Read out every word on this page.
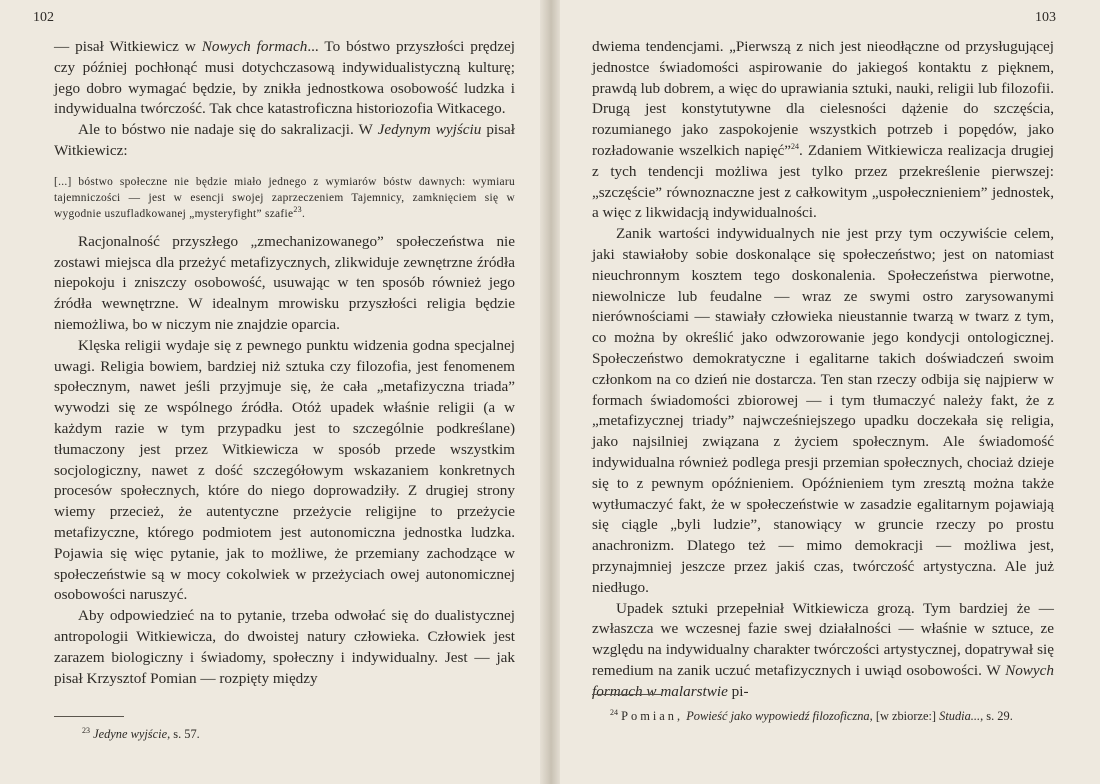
102

— pisał Witkiewicz w Nowych formach... To bóstwo przyszłości prędzej czy później pochłonąć musi dotychczasową indywidualistyczną kulturę; jego dobro wymagać będzie, by znikła jednostkowa osobowość ludzka i indywidualna twórczość. Tak chce katastroficzna historiozofia Witkacego.

Ale to bóstwo nie nadaje się do sakralizacji. W Jedynym wyjściu pisał Witkiewicz:

[...] bóstwo społeczne nie będzie miało jednego z wymiarów bóstw dawnych: wymiaru tajemniczości — jest w esencji swojej zaprzeczeniem Tajemnicy, zamknięciem się w wygodnie uszufladkowanej „mysteryfight” szafie$^{23}$.

Racjonalność przyszłego „zmechanizowanego” społeczeństwa nie zostawi miejsca dla przeżyć metafizycznych, zlikwiduje zewnętrzne źródła niepokoju i zniszczy osobowość, usuwając w ten sposób również jego źródła wewnętrzne. W idealnym mrowisku przyszłości religia będzie niemożliwa, bo w niczym nie znajdzie oparcia.

Klęska religii wydaje się z pewnego punktu widzenia godna specjalnej uwagi. Religia bowiem, bardziej niż sztuka czy filozofia, jest fenomenem społecznym, nawet jeśli przyjmuje się, że cała „metafizyczna triada” wywodzi się ze wspólnego źródła. Otóż upadek właśnie religii (a w każdym razie w tym przypadku jest to szczególnie podkreślane) tłumaczony jest przez Witkiewicza w sposób przede wszystkim socjologiczny, nawet z dość szczegółowym wskazaniem konkretnych procesów społecznych, które do niego doprowadziły. Z drugiej strony wiemy przecież, że autentyczne przeżycie religijne to przeżycie metafizyczne, którego podmiotem jest autonomiczna jednostka ludzka. Pojawia się więc pytanie, jak to możliwe, że przemiany zachodzące w społeczeństwie są w mocy cokolwiek w przeżyciach owej autonomicznej osobowości naruszyć.

Aby odpowiedzieć na to pytanie, trzeba odwołać się do dualistycznej antropologii Witkiewicza, do dwoistej natury człowieka. Człowiek jest zarazem biologiczny i świadomy, społeczny i indywidualny. Jest — jak pisał Krzysztof Pomian — rozpięty między

$^{23}$ Jedyne wyjście, s. 57.
103

dwiema tendencjami. „Pierwszą z nich jest nieodłączne od przysługującej jednostce świadomości aspirowanie do jakiegoś kontaktu z pięknem, prawdą lub dobrem, a więc do uprawiania sztuki, nauki, religii lub filozofii. Drugą jest konstytutywne dla cielesności dążenie do szczęścia, rozumianego jako zaspokojenie wszystkich potrzeb i popędów, jako rozładowanie wszelkich napięć”$^{24}$. Zdaniem Witkiewicza realizacja drugiej z tych tendencji możliwa jest tylko przez przekreślenie pierwszej: „szczęście” równoznaczne jest z całkowitym „uspołecznieniem” jednostek, a więc z likwidacją indywidualności.

Zanik wartości indywidualnych nie jest przy tym oczywiście celem, jaki stawiałoby sobie doskonalące się społeczeństwo; jest on natomiast nieuchronnym kosztem tego doskonalenia. Społeczeństwa pierwotne, niewolnicze lub feudalne — wraz ze swymi ostro zarysowanymi nierównościami — stawiały człowieka nieustannie twarzą w twarz z tym, co można by określić jako odwzorowanie jego kondycji ontologicznej. Społeczeństwo demokratyczne i egalitarne takich doświadczeń swoim członkom na co dzień nie dostarcza. Ten stan rzeczy odbija się najpierw w formach świadomości zbiorowej — i tym tłumaczyć należy fakt, że z „metafizycznej triady” najwcześniejszego upadku doczekała się religia, jako najsilniej związana z życiem społecznym. Ale świadomość indywidualna również podlega presji przemian społecznych, chociaż dzieje się to z pewnym opóźnieniem. Opóźnieniem tym zresztą można także wytłumaczyć fakt, że w społeczeństwie w zasadzie egalitarnym pojawiają się ciągle „byli ludzie”, stanowiący w gruncie rzeczy po prostu anachronizm. Dlatego też — mimo demokracji — możliwa jest, przynajmniej jeszcze przez jakiś czas, twórczość artystyczna. Ale już niedługo.

Upadek sztuki przepełniał Witkiewicza grozą. Tym bardziej że — zwłaszcza we wczesnej fazie swej działalności — właśnie w sztuce, ze względu na indywidualny charakter twórczości artystycznej, dopatrywał się remedium na zanik uczuć metafizycznych i uwiąd osobowości. W Nowych formach w malarstwie pi-

$^{24}$ Pomian, Powieść jako wypowiedź filozoficzna, [w zbiorze:] Studia..., s. 29.
